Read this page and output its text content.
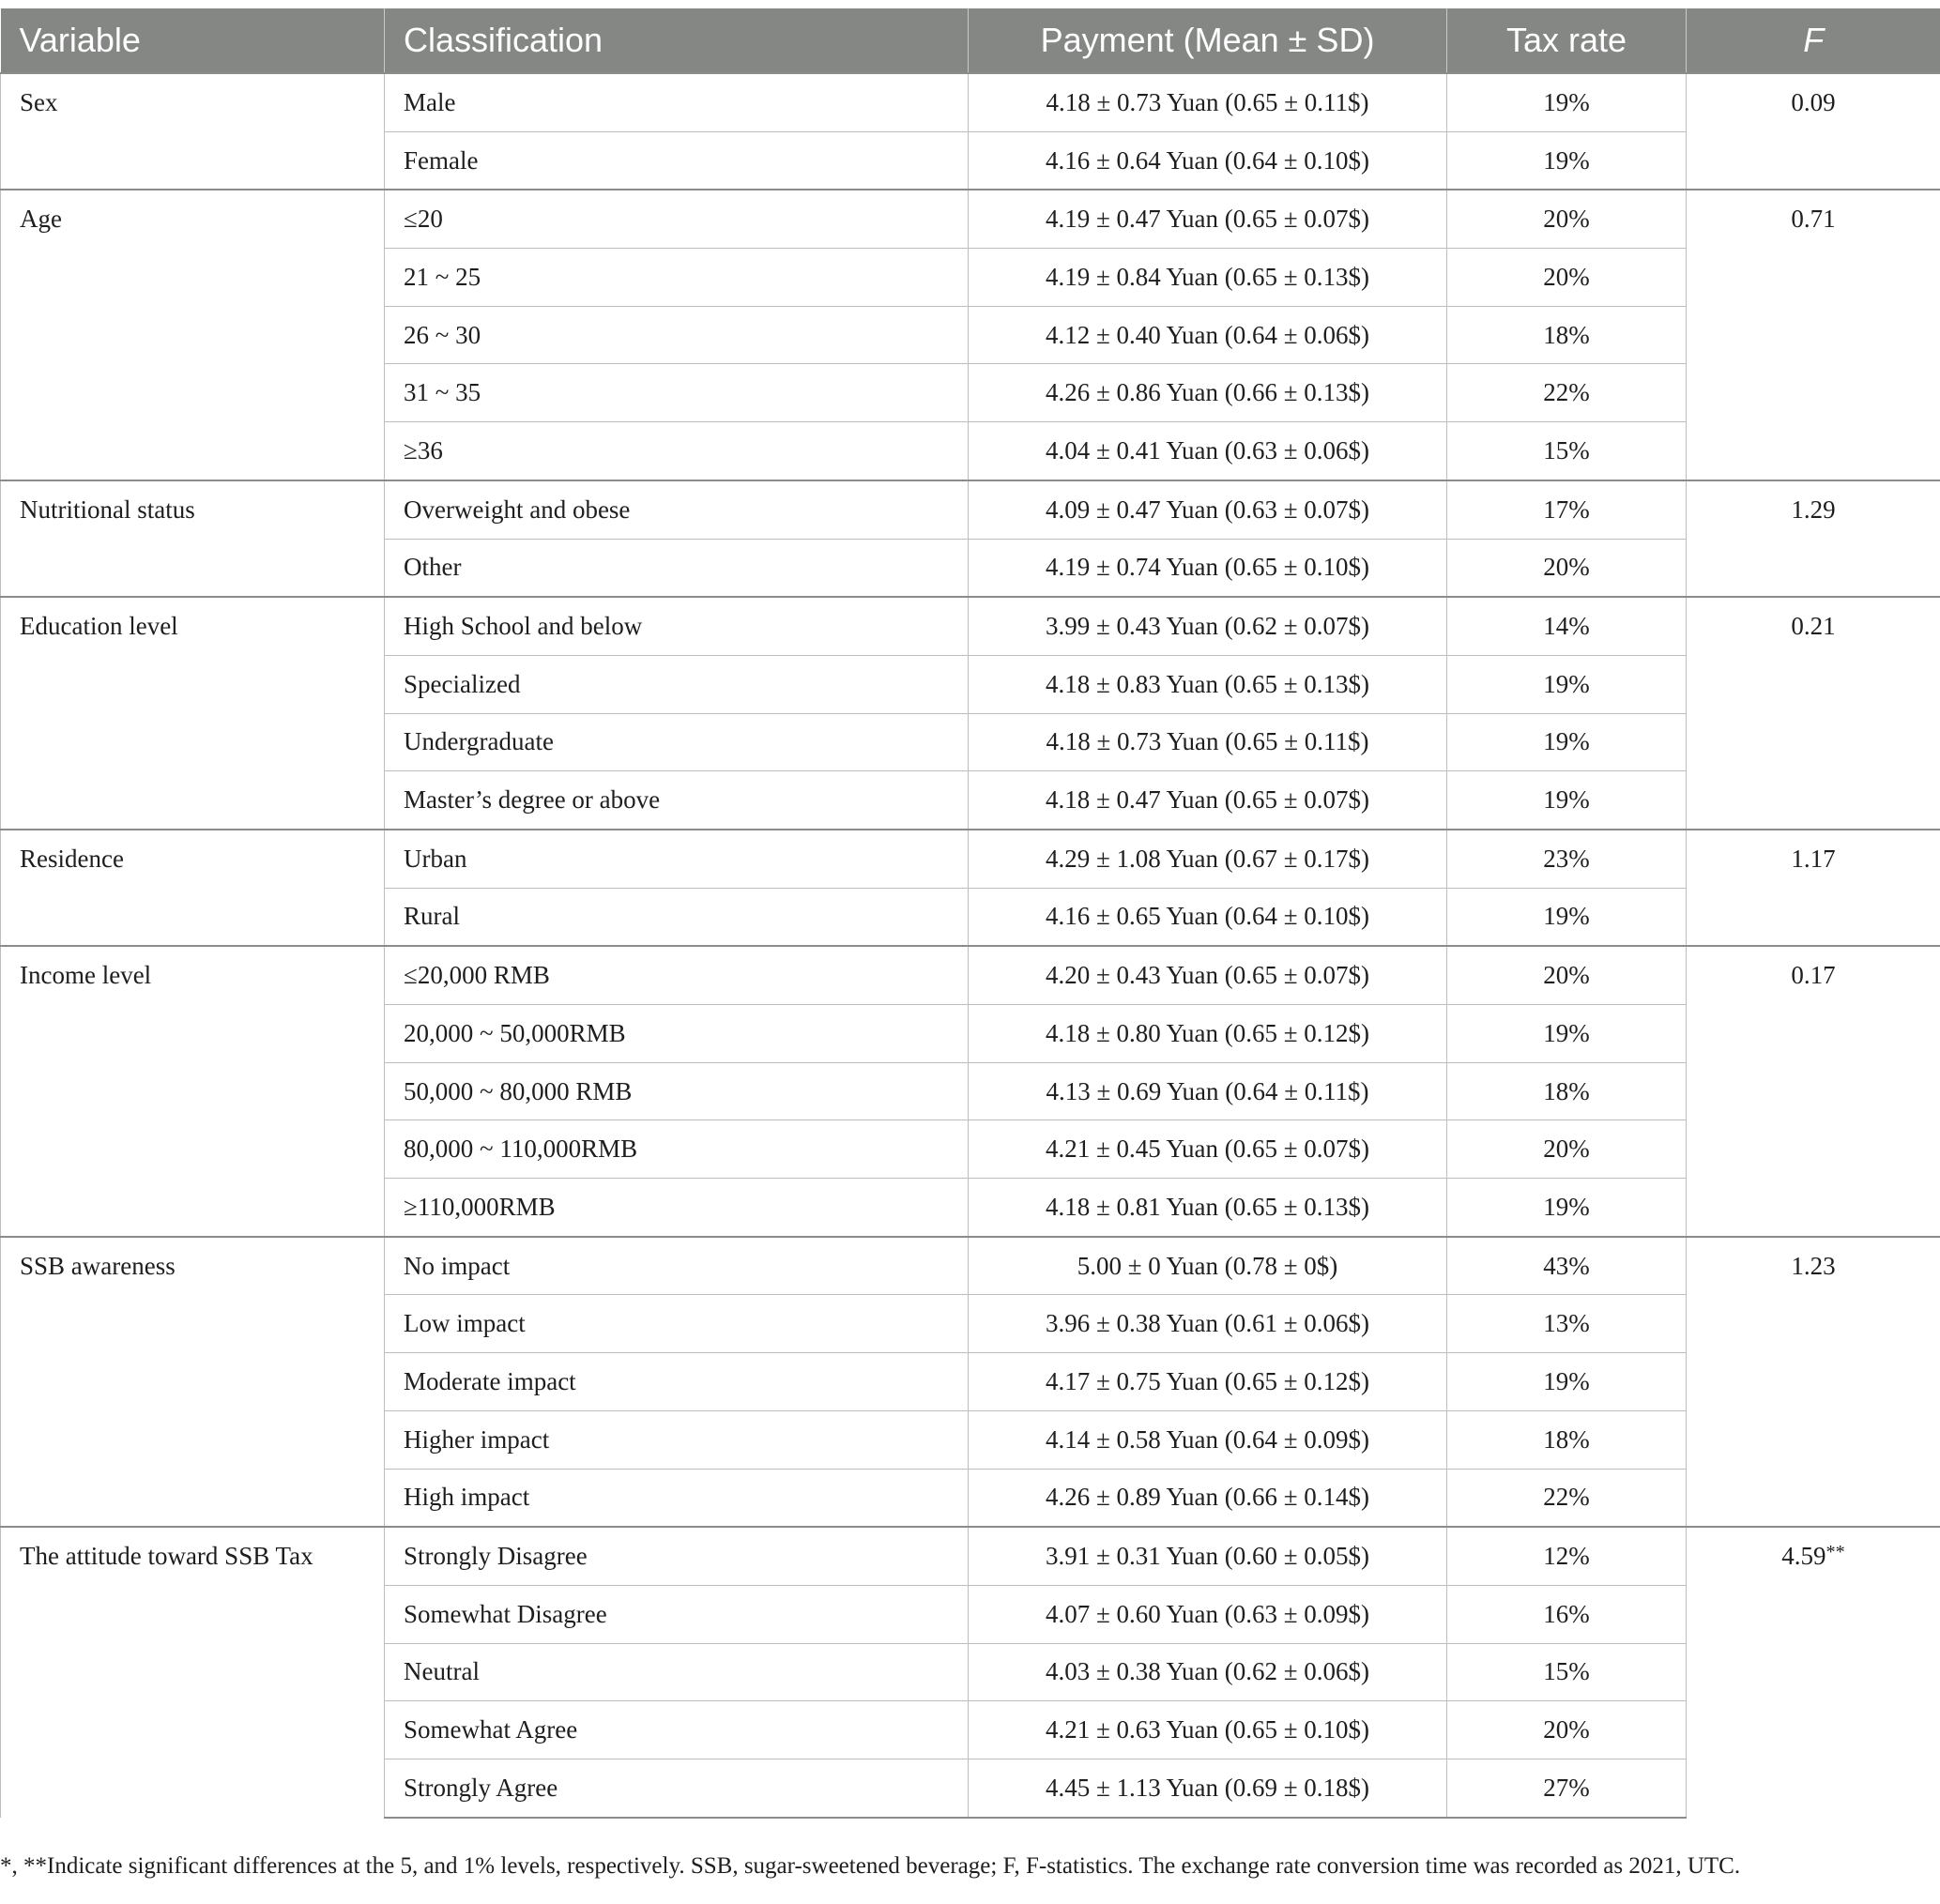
Variable	Classification	Payment (Mean ± SD)	Tax rate	F
Sex	Male	4.18 ± 0.73 Yuan (0.65 ± 0.11$)	19%	0.09
	Female	4.16 ± 0.64 Yuan (0.64 ± 0.10$)	19%	
Age	≤20	4.19 ± 0.47 Yuan (0.65 ± 0.07$)	20%	0.71
	21 ~ 25	4.19 ± 0.84 Yuan (0.65 ± 0.13$)	20%	
	26 ~ 30	4.12 ± 0.40 Yuan (0.64 ± 0.06$)	18%	
	31 ~ 35	4.26 ± 0.86 Yuan (0.66 ± 0.13$)	22%	
	≥36	4.04 ± 0.41 Yuan (0.63 ± 0.06$)	15%	
Nutritional status	Overweight and obese	4.09 ± 0.47 Yuan (0.63 ± 0.07$)	17%	1.29
	Other	4.19 ± 0.74 Yuan (0.65 ± 0.10$)	20%	
Education level	High School and below	3.99 ± 0.43 Yuan (0.62 ± 0.07$)	14%	0.21
	Specialized	4.18 ± 0.83 Yuan (0.65 ± 0.13$)	19%	
	Undergraduate	4.18 ± 0.73 Yuan (0.65 ± 0.11$)	19%	
	Master’s degree or above	4.18 ± 0.47 Yuan (0.65 ± 0.07$)	19%	
Residence	Urban	4.29 ± 1.08 Yuan (0.67 ± 0.17$)	23%	1.17
	Rural	4.16 ± 0.65 Yuan (0.64 ± 0.10$)	19%	
Income level	≤20,000 RMB	4.20 ± 0.43 Yuan (0.65 ± 0.07$)	20%	0.17
	20,000 ~ 50,000RMB	4.18 ± 0.80 Yuan (0.65 ± 0.12$)	19%	
	50,000 ~ 80,000 RMB	4.13 ± 0.69 Yuan (0.64 ± 0.11$)	18%	
	80,000 ~ 110,000RMB	4.21 ± 0.45 Yuan (0.65 ± 0.07$)	20%	
	≥110,000RMB	4.18 ± 0.81 Yuan (0.65 ± 0.13$)	19%	
SSB awareness	No impact	5.00 ± 0 Yuan (0.78 ± 0$)	43%	1.23
	Low impact	3.96 ± 0.38 Yuan (0.61 ± 0.06$)	13%	
	Moderate impact	4.17 ± 0.75 Yuan (0.65 ± 0.12$)	19%	
	Higher impact	4.14 ± 0.58 Yuan (0.64 ± 0.09$)	18%	
	High impact	4.26 ± 0.89 Yuan (0.66 ± 0.14$)	22%	
The attitude toward SSB Tax	Strongly Disagree	3.91 ± 0.31 Yuan (0.60 ± 0.05$)	12%	4.59**
	Somewhat Disagree	4.07 ± 0.60 Yuan (0.63 ± 0.09$)	16%	
	Neutral	4.03 ± 0.38 Yuan (0.62 ± 0.06$)	15%	
	Somewhat Agree	4.21 ± 0.63 Yuan (0.65 ± 0.10$)	20%	
	Strongly Agree	4.45 ± 1.13 Yuan (0.69 ± 0.18$)	27%	
*, **Indicate significant differences at the 5, and 1% levels, respectively. SSB, sugar-sweetened beverage; F, F-statistics. The exchange rate conversion time was recorded as 2021, UTC.
